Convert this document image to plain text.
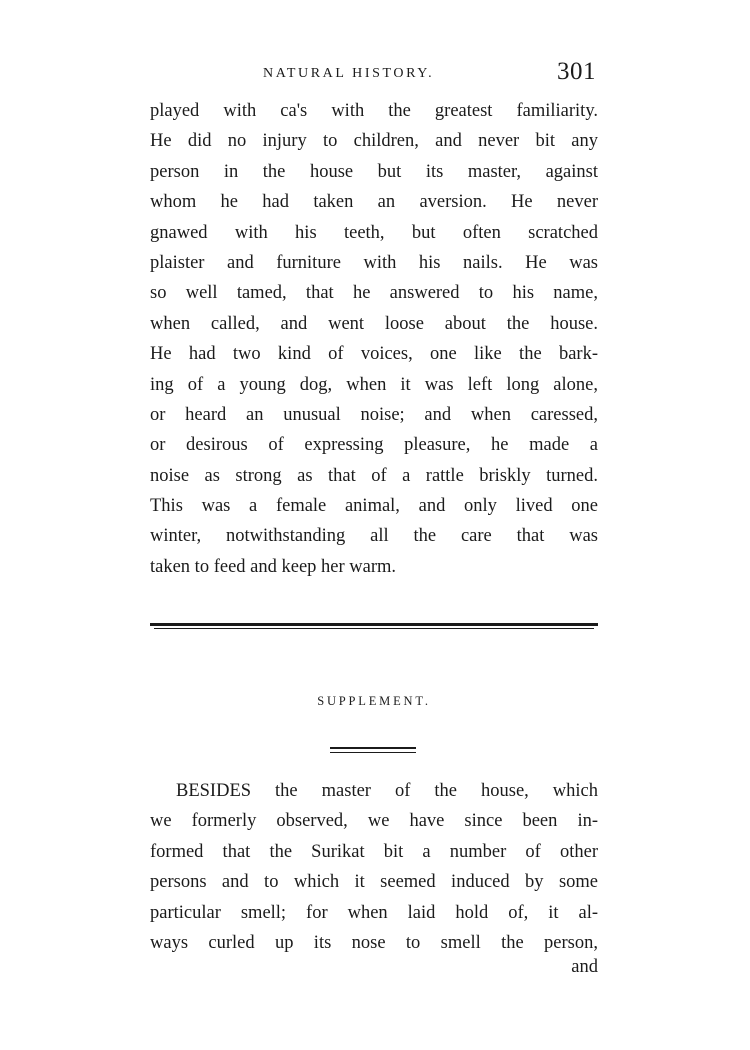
NATURAL HISTORY.	301
played with ca's with the greatest familiarity.
He did no injury to children, and never bit any
person in the house but its master, against
whom he had taken an aversion. He never
gnawed with his teeth, but often scratched
plaister and furniture with his nails. He was
so well tamed, that he answered to his name,
when called, and went loose about the house.
He had two kind of voices, one like the bark-
ing of a young dog, when it was left long alone,
or heard an unusual noise; and when caressed,
or desirous of expressing pleasure, he made a
noise as strong as that of a rattle briskly turned.
This was a female animal, and only lived one
winter, notwithstanding all the care that was
taken to feed and keep her warm.
SUPPLEMENT.
BESIDES the master of the house, which
we formerly observed, we have since been in-
formed that the Surikat bit a number of other
persons and to which it seemed induced by some
particular smell; for when laid hold of, it al-
ways curled up its nose to smell the person,
and
